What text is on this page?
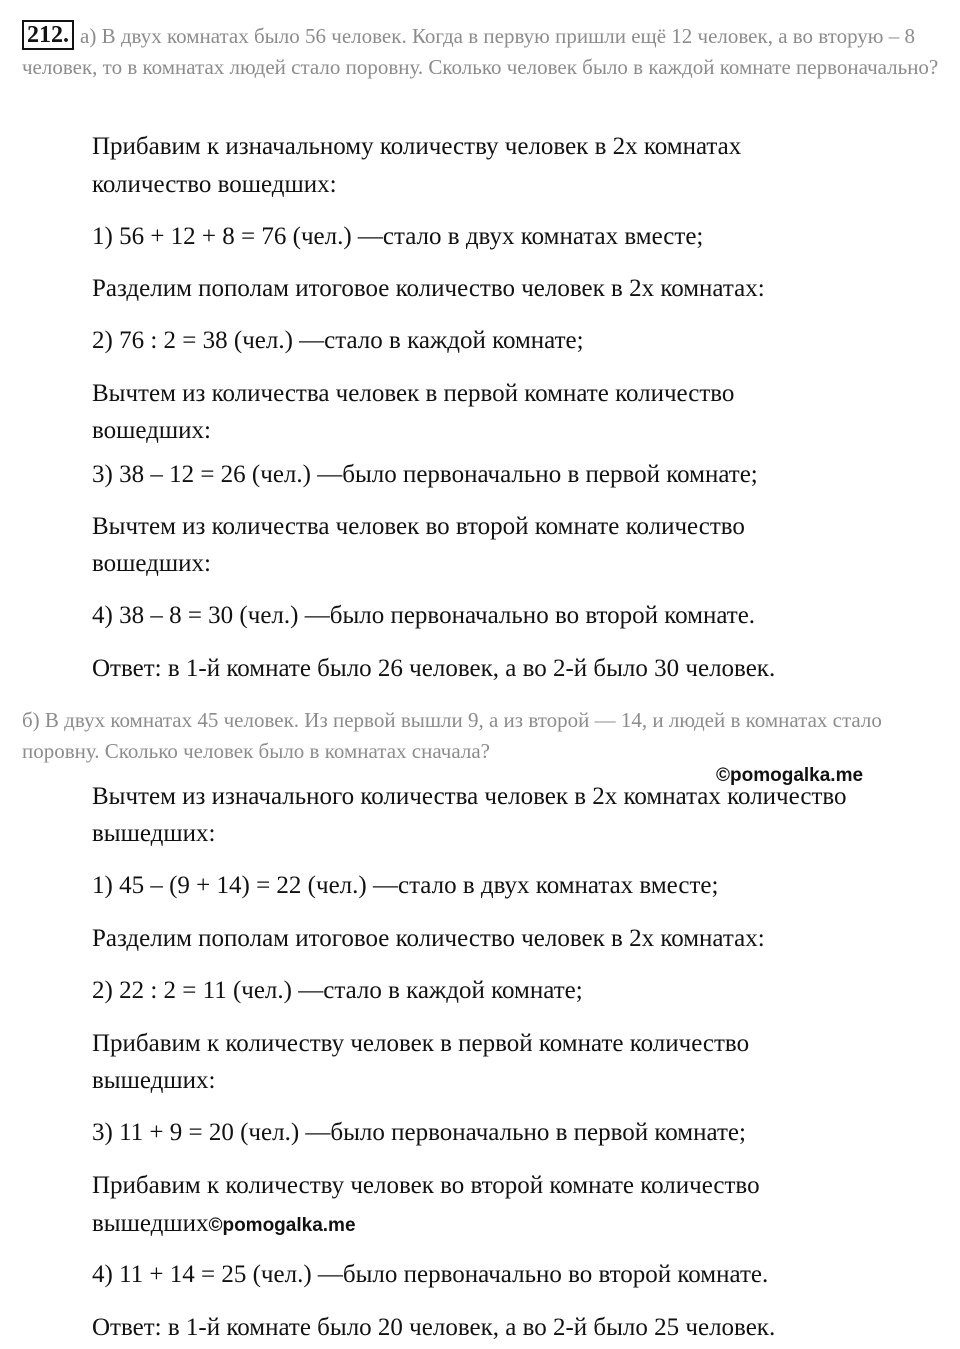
212. а) В двух комнатах было 56 человек. Когда в первую пришли ещё 12 человек, а во вторую – 8 человек, то в комнатах людей стало поровну. Сколько человек было в каждой комнате первоначально?
Прибавим к изначальному количеству человек в 2х комнатах
количество вошедших:
1) 56 + 12 + 8 = 76 (чел.) —стало в двух комнатах вместе;
Разделим пополам итоговое количество человек в 2х комнатах:
2) 76 : 2 = 38 (чел.) —стало в каждой комнате;
Вычтем из количества человек в первой комнате количество
вошедших:
3) 38 – 12 = 26 (чел.) —было первоначально в первой комнате;
Вычтем из количества человек во второй комнате количество
вошедших:
4) 38 – 8 = 30 (чел.) —было первоначально во второй комнате.
Ответ: в 1-й комнате было 26 человек, а во 2-й было 30 человек.
б) В двух комнатах 45 человек. Из первой вышли 9, а из второй — 14, и людей в комнатах стало поровну. Сколько человек было в комнатах сначала?
©pomogalka.me
Вычтем из изначального количества человек в 2х комнатах количество
вышедших:
1) 45 – (9 + 14) = 22 (чел.) —стало в двух комнатах вместе;
Разделим пополам итоговое количество человек в 2х комнатах:
2) 22 : 2 = 11 (чел.) —стало в каждой комнате;
Прибавим к количеству человек в первой комнате количество
вышедших:
3) 11 + 9 = 20 (чел.) —было первоначально в первой комнате;
Прибавим к количеству человек во второй комнате количество
вышедших©pomogalka.me
4) 11 + 14 = 25 (чел.) —было первоначально во второй комнате.
Ответ: в 1-й комнате было 20 человек, а во 2-й было 25 человек.
